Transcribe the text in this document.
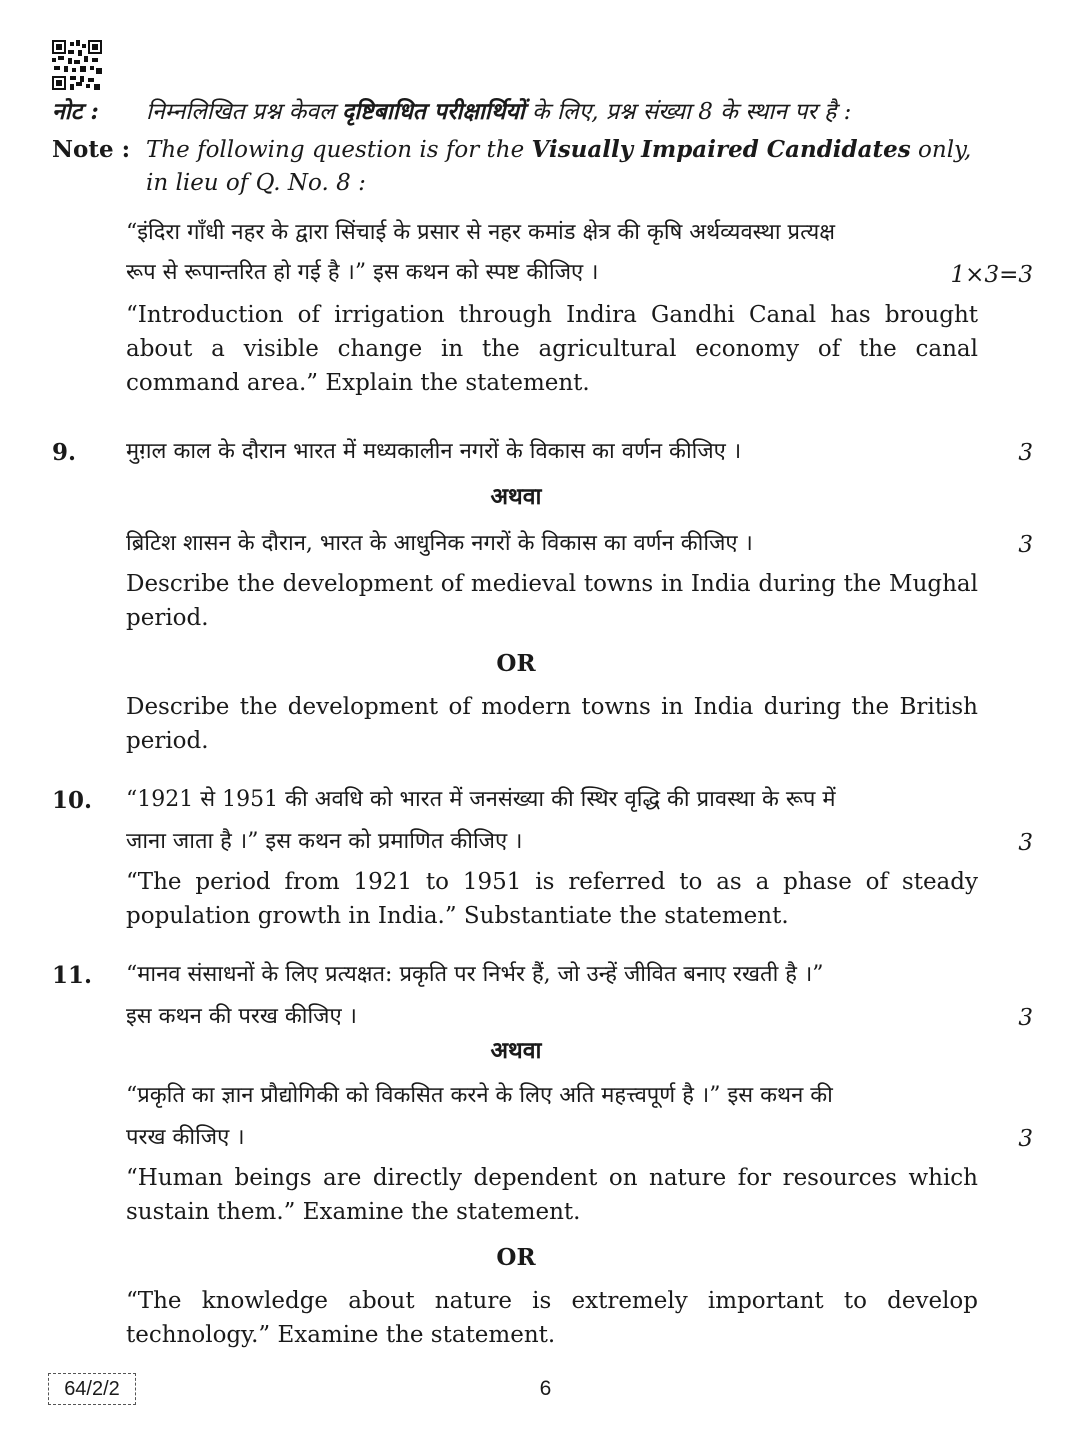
नोट : निम्नलिखित प्रश्न केवल दृष्टिबाधित परीक्षार्थियों के लिए, प्रश्न संख्या 8 के स्थान पर है :
Note : The following question is for the Visually Impaired Candidates only,
in lieu of Q. No. 8 :
“इंदिरा गाँधी नहर के द्वारा सिंचाई के प्रसार से नहर कमांड क्षेत्र की कृषि अर्थव्यवस्था प्रत्यक्ष
रूप से रूपान्तरित हो गई है ।” इस कथन को स्पष्ट कीजिए ।	1×3=3
“Introduction of irrigation through Indira Gandhi Canal has brought about a visible change in the agricultural economy of the canal command area.” Explain the statement.
9. मुग़ल काल के दौरान भारत में मध्यकालीन नगरों के विकास का वर्णन कीजिए ।	3
अथवा
ब्रिटिश शासन के दौरान, भारत के आधुनिक नगरों के विकास का वर्णन कीजिए ।	3
Describe the development of medieval towns in India during the Mughal period.
OR
Describe the development of modern towns in India during the British period.
10. “1921 से 1951 की अवधि को भारत में जनसंख्या की स्थिर वृद्धि की प्रावस्था के रूप में
जाना जाता है ।” इस कथन को प्रमाणित कीजिए ।	3
“The period from 1921 to 1951 is referred to as a phase of steady population growth in India.” Substantiate the statement.
11. “मानव संसाधनों के लिए प्रत्यक्षत: प्रकृति पर निर्भर हैं, जो उन्हें जीवित बनाए रखती है ।”
इस कथन की परख कीजिए ।	3
अथवा
“प्रकृति का ज्ञान प्रौद्योगिकी को विकसित करने के लिए अति महत्त्वपूर्ण है ।” इस कथन की
परख कीजिए ।	3
“Human beings are directly dependent on nature for resources which sustain them.” Examine the statement.
OR
“The knowledge about nature is extremely important to develop technology.” Examine the statement.
64/2/2	6
